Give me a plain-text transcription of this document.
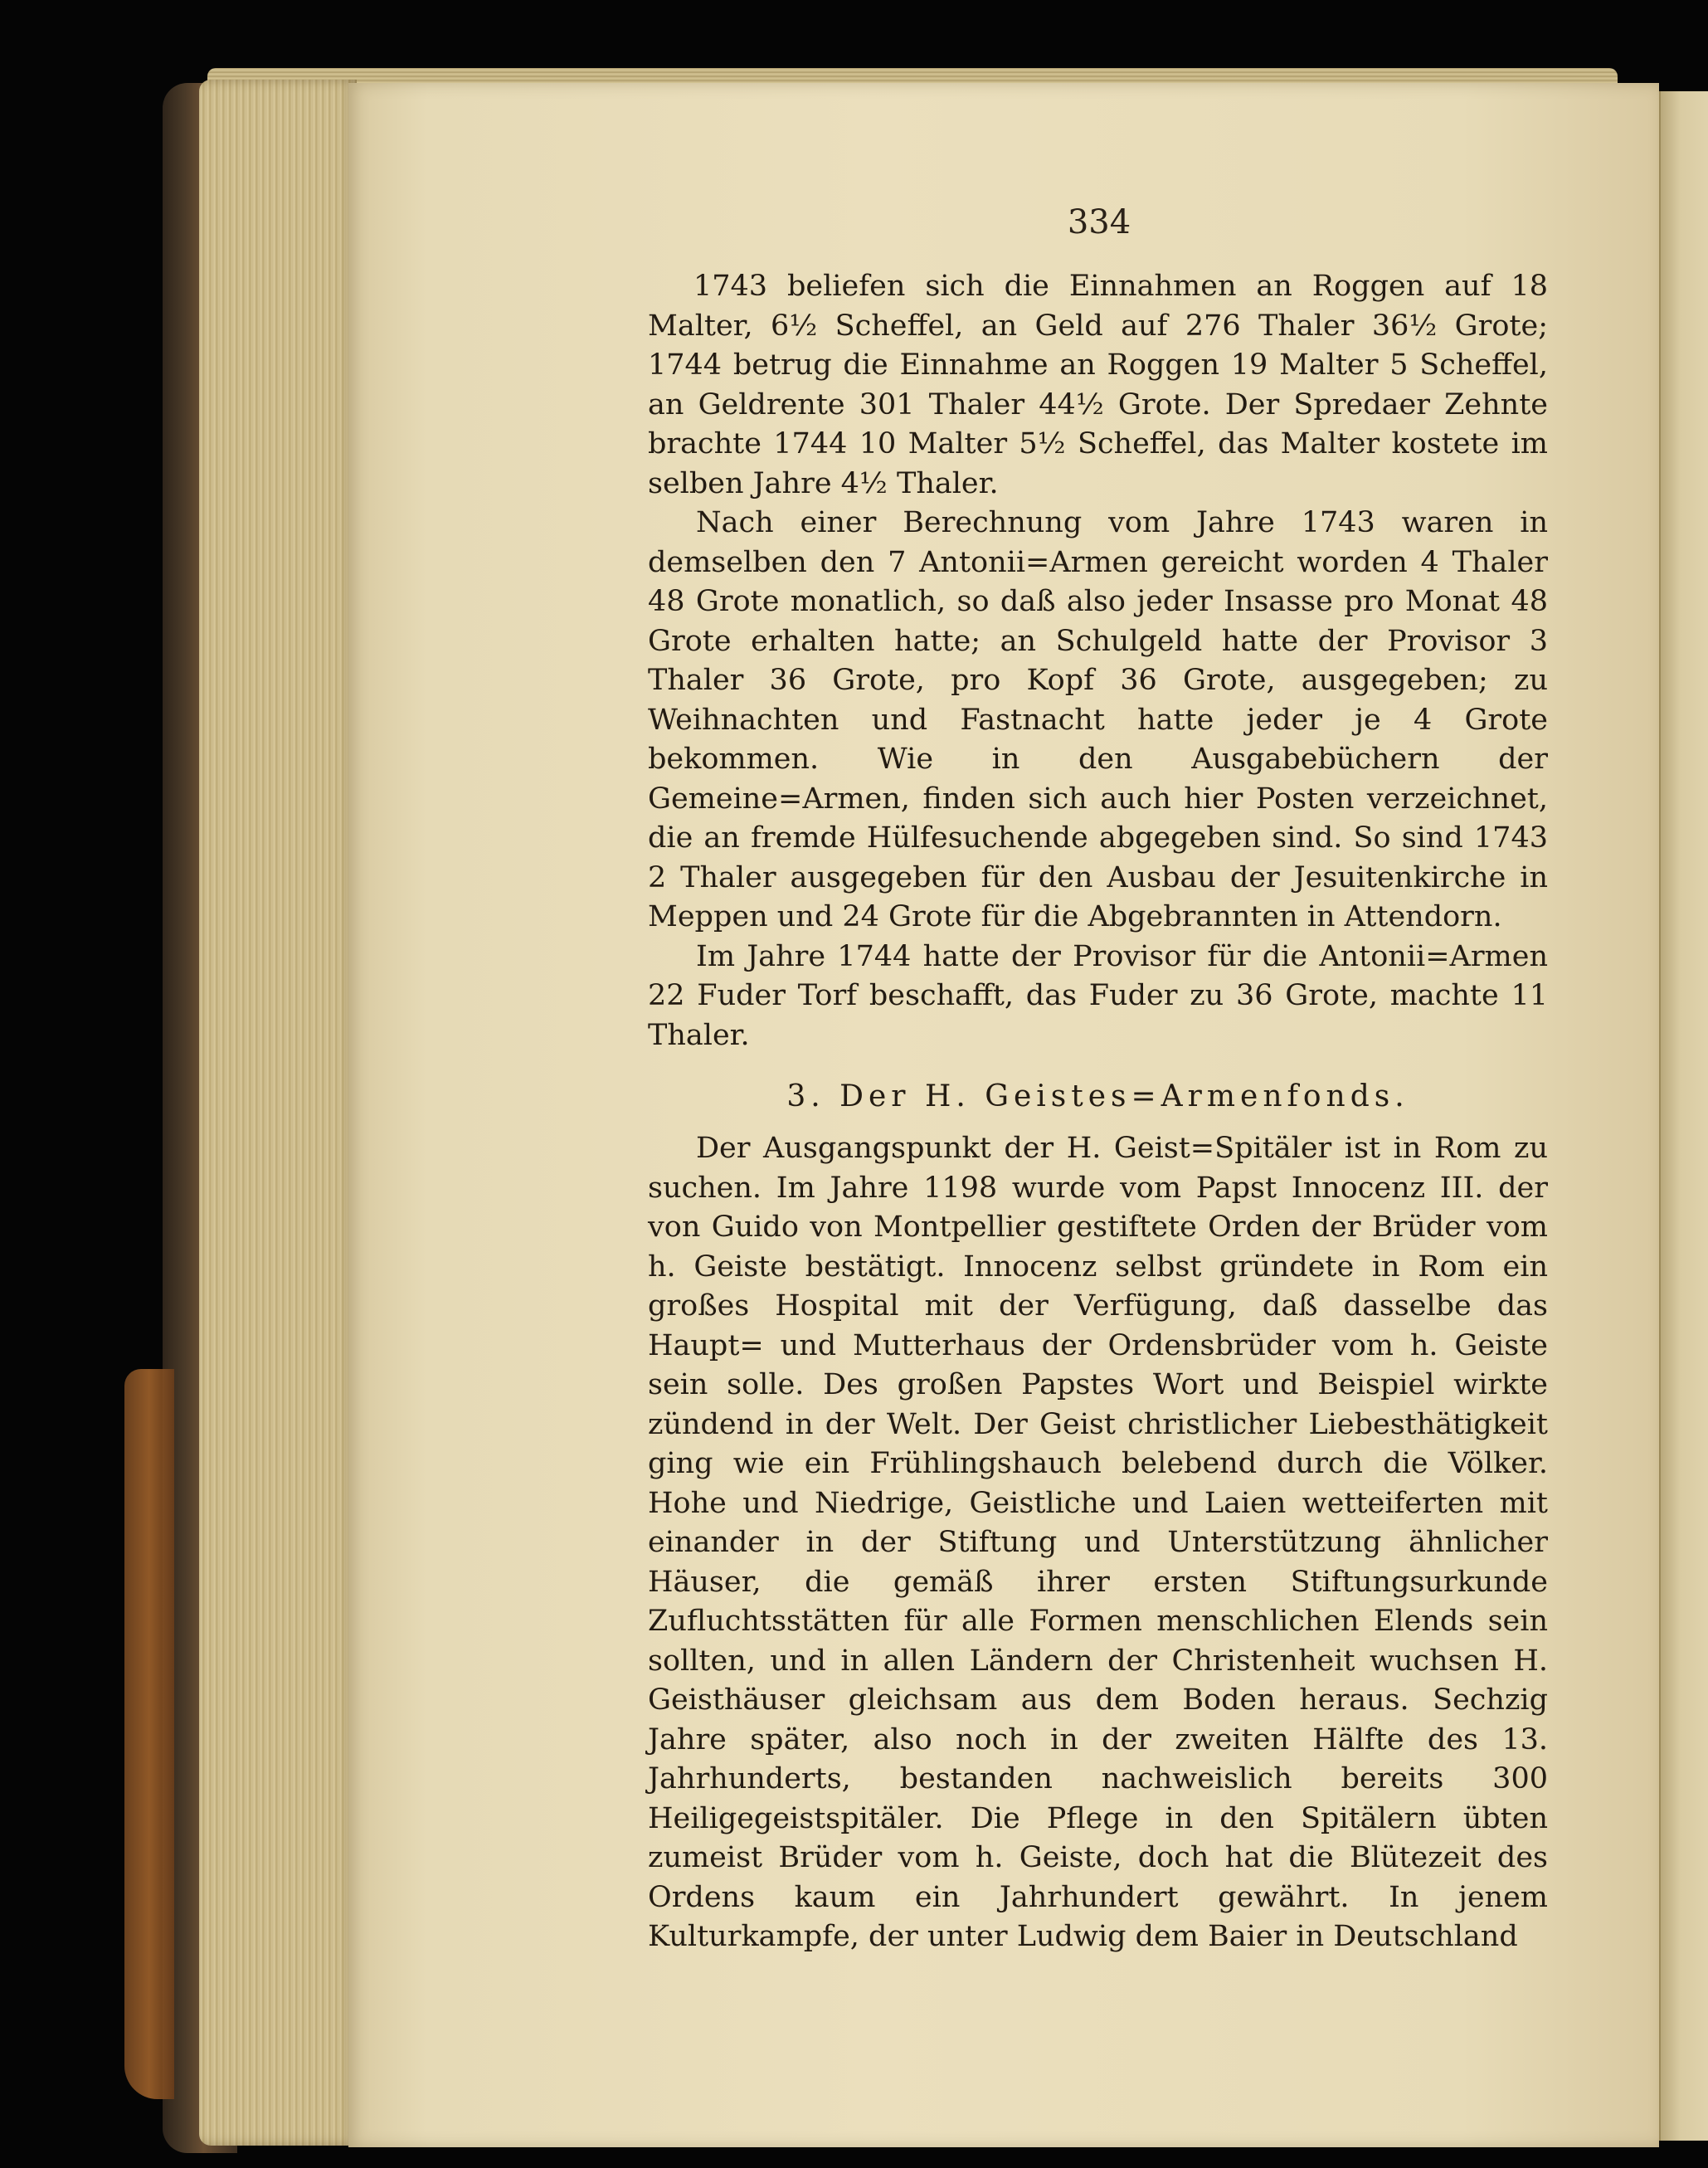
334

1743 beliefen sich die Einnahmen an Roggen auf 18 Malter, 6½ Scheffel, an Geld auf 276 Thaler 36½ Grote; 1744 betrug die Einnahme an Roggen 19 Malter 5 Scheffel, an Geldrente 301 Thaler 44½ Grote. Der Spredaer Zehnte brachte 1744 10 Malter 5½ Scheffel, das Malter kostete im selben Jahre 4½ Thaler.

Nach einer Berechnung vom Jahre 1743 waren in demselben den 7 Antonii=Armen gereicht worden 4 Thaler 48 Grote monatlich, so daß also jeder Insasse pro Monat 48 Grote erhalten hatte; an Schulgeld hatte der Provisor 3 Thaler 36 Grote, pro Kopf 36 Grote, ausgegeben; zu Weihnachten und Fastnacht hatte jeder je 4 Grote bekommen. Wie in den Ausgabebüchern der Gemeine=Armen, finden sich auch hier Posten verzeichnet, die an fremde Hülfesuchende abgegeben sind. So sind 1743 2 Thaler ausgegeben für den Ausbau der Jesuitenkirche in Meppen und 24 Grote für die Abgebrannten in Attendorn.

Im Jahre 1744 hatte der Provisor für die Antonii=Armen 22 Fuder Torf beschafft, das Fuder zu 36 Grote, machte 11 Thaler.

3. Der H. Geistes=Armenfonds.

Der Ausgangspunkt der H. Geist=Spitäler ist in Rom zu suchen. Im Jahre 1198 wurde vom Papst Innocenz III. der von Guido von Montpellier gestiftete Orden der Brüder vom h. Geiste bestätigt. Innocenz selbst gründete in Rom ein großes Hospital mit der Verfügung, daß dasselbe das Haupt= und Mutterhaus der Ordensbrüder vom h. Geiste sein solle. Des großen Papstes Wort und Beispiel wirkte zündend in der Welt. Der Geist christlicher Liebesthätigkeit ging wie ein Frühlingshauch belebend durch die Völker. Hohe und Niedrige, Geistliche und Laien wetteiferten mit einander in der Stiftung und Unterstützung ähnlicher Häuser, die gemäß ihrer ersten Stiftungsurkunde Zufluchtsstätten für alle Formen menschlichen Elends sein sollten, und in allen Ländern der Christenheit wuchsen H. Geisthäuser gleichsam aus dem Boden heraus. Sechzig Jahre später, also noch in der zweiten Hälfte des 13. Jahrhunderts, bestanden nachweislich bereits 300 Heiligegeistspitäler. Die Pflege in den Spitälern übten zumeist Brüder vom h. Geiste, doch hat die Blütezeit des Ordens kaum ein Jahrhundert gewährt. In jenem Kulturkampfe, der unter Ludwig dem Baier in Deutschland
